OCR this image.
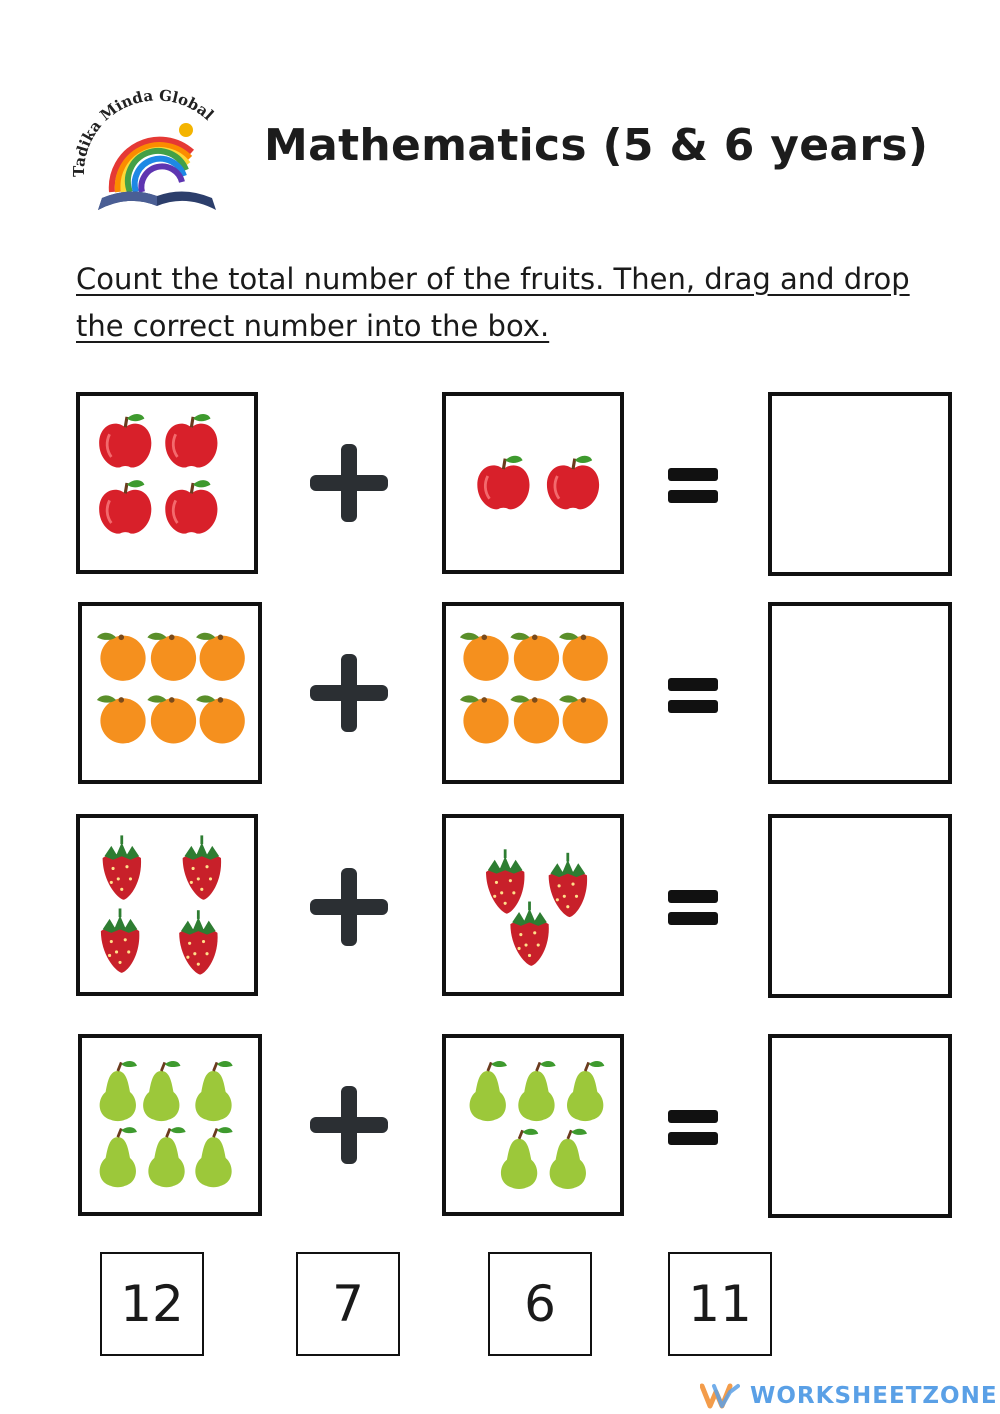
adika Minda Global
Mathematics (5 & 6 years)
Count the total number of the fruits. Then, drag and drop the correct number into the box.
12	7	6	11
WORKSHEETZONE
